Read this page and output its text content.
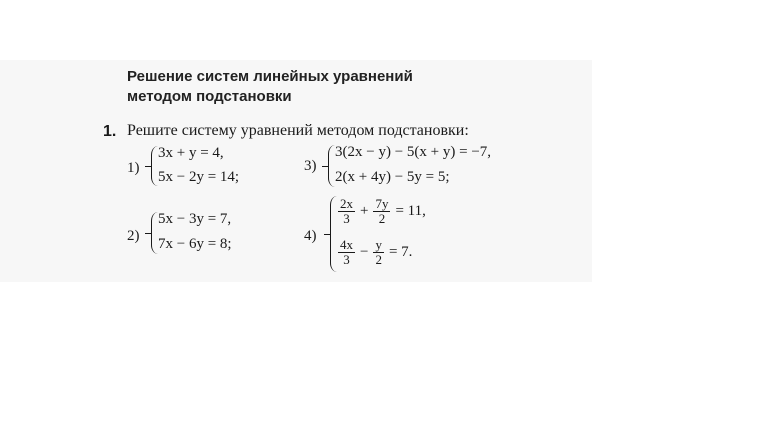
Решение систем линейных уравнений
методом подстановки
1. Решите систему уравнений методом подстановки:
1)
3x + y = 4,
5x − 2y = 14;
2)
5x − 3y = 7,
7x − 6y = 8;
3)
3(2x − y) − 5(x + y) = −7,
2(x + 4y) − 5y = 5;
4)
$\frac{2x}{3} + \frac{7y}{2} = 11$,
$\frac{4x}{3} - \frac{y}{2} = 7$.
